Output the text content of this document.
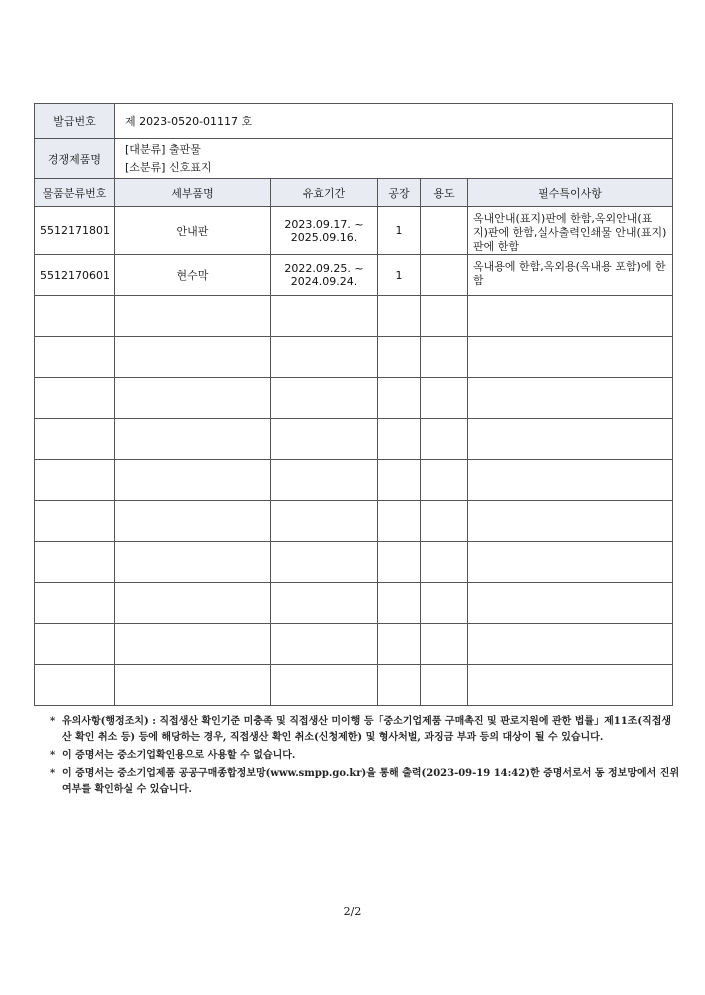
발급번호	제 2023-0520-01117 호				
경쟁제품명	[대분류] 출판물
[소분류] 신호표지				

물품분류번호	세부품명	유효기간	공장	용도	필수특이사항
5512171801	안내판	2023.09.17. ~
2025.09.16.	1		옥내안내(표지)판에 한함,옥외안내(표지)판에 한함,실사출력인쇄물 안내(표지)판에 한함
5512170601	현수막	2022.09.25. ~
2024.09.24.	1		옥내용에 한함,옥외용(옥내용 포함)에 한함

* 유의사항(행정조치) : 직접생산 확인기준 미충족 및 직접생산 미이행 등「중소기업제품 구매촉진 및 판로지원에 관한 법률」제11조(직접생산 확인 취소 등) 등에 해당하는 경우, 직접생산 확인 취소(신청제한) 및 형사처벌, 과징금 부과 등의 대상이 될 수 있습니다.
* 이 증명서는 중소기업확인용으로 사용할 수 없습니다.
* 이 증명서는 중소기업제품 공공구매종합정보망(www.smpp.go.kr)을 통해 출력(2023-09-19 14:42)한 증명서로서 동 정보망에서 진위여부를 확인하실 수 있습니다.
2/2
